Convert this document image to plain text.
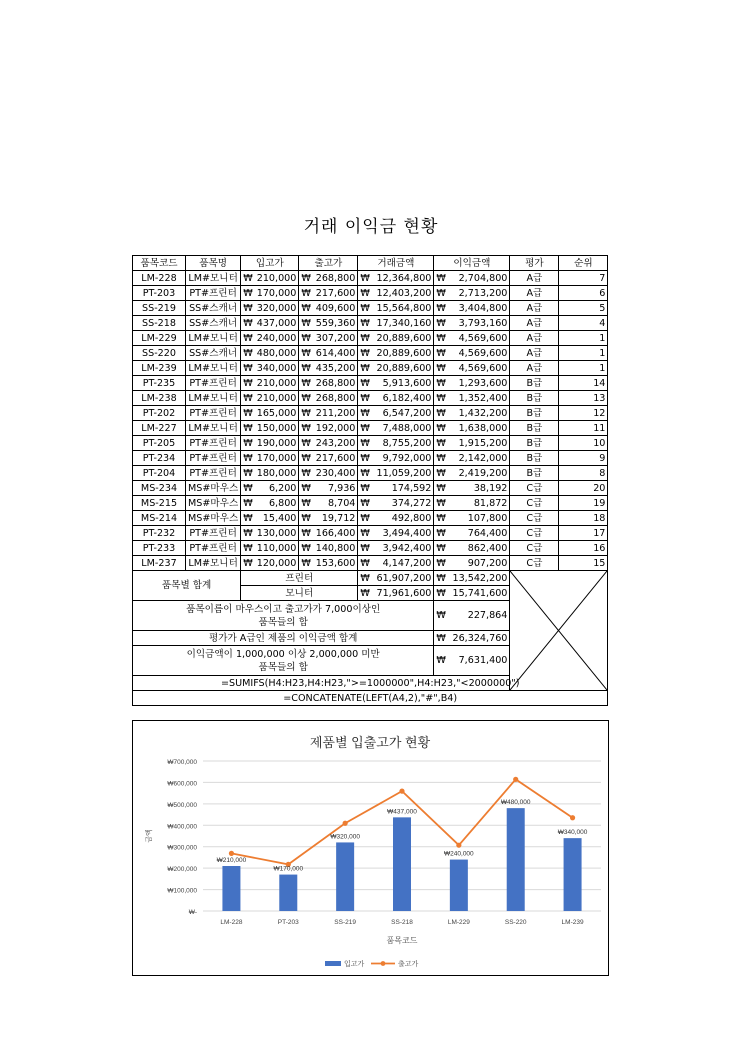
거래 이익금 현황
품목코드	품목명	입고가		출고가		거래금액		이익금액		평가	순위
LM-228	LM#모니터	₩	210,000	₩	268,800	₩	12,364,800	₩	2,704,800	A급	7
PT-203	PT#프린터	₩	170,000	₩	217,600	₩	12,403,200	₩	2,713,200	A급	6
SS-219	SS#스캐너	₩	320,000	₩	409,600	₩	15,564,800	₩	3,404,800	A급	5
SS-218	SS#스캐너	₩	437,000	₩	559,360	₩	17,340,160	₩	3,793,160	A급	4
LM-229	LM#모니터	₩	240,000	₩	307,200	₩	20,889,600	₩	4,569,600	A급	1
SS-220	SS#스캐너	₩	480,000	₩	614,400	₩	20,889,600	₩	4,569,600	A급	1
LM-239	LM#모니터	₩	340,000	₩	435,200	₩	20,889,600	₩	4,569,600	A급	1
PT-235	PT#프린터	₩	210,000	₩	268,800	₩	5,913,600	₩	1,293,600	B급	14
LM-238	LM#모니터	₩	210,000	₩	268,800	₩	6,182,400	₩	1,352,400	B급	13
PT-202	PT#프린터	₩	165,000	₩	211,200	₩	6,547,200	₩	1,432,200	B급	12
LM-227	LM#모니터	₩	150,000	₩	192,000	₩	7,488,000	₩	1,638,000	B급	11
PT-205	PT#프린터	₩	190,000	₩	243,200	₩	8,755,200	₩	1,915,200	B급	10
PT-234	PT#프린터	₩	170,000	₩	217,600	₩	9,792,000	₩	2,142,000	B급	9
PT-204	PT#프린터	₩	180,000	₩	230,400	₩	11,059,200	₩	2,419,200	B급	8
MS-234	MS#마우스	₩	6,200	₩	7,936	₩	174,592	₩	38,192	C급	20
MS-215	MS#마우스	₩	6,800	₩	8,704	₩	374,272	₩	81,872	C급	19
MS-214	MS#마우스	₩	15,400	₩	19,712	₩	492,800	₩	107,800	C급	18
PT-232	PT#프린터	₩	130,000	₩	166,400	₩	3,494,400	₩	764,400	C급	17
PT-233	PT#프린터	₩	110,000	₩	140,800	₩	3,942,400	₩	862,400	C급	16
LM-237	LM#모니터	₩	120,000	₩	153,600	₩	4,147,200	₩	907,200	C급	15
품목별 합계		프린터				₩	61,907,200	₩	13,542,200	

		모니터				₩	71,961,600	₩	15,741,600		

품목이름이 마우스이고 출고가가 7,000이상인
품목들의 합								₩	227,864		
평가가 A급인 제품의 이익금액 합계								₩	26,324,760		

이익금액이 1,000,000 이상 2,000,000 미만
품목들의 합								₩	7,631,400		
=SUMIFS(H4:H23,H4:H23,">=1000000",H4:H23,"<2000000")											
=CONCATENATE(LEFT(A4,2),"#",B4)											
제품별 입출고가 현황
₩-
₩100,000
₩200,000
₩300,000
₩400,000
₩500,000
₩600,000
₩700,000
금액
₩210,000
₩170,000
₩320,000
₩437,000
₩240,000
₩480,000
₩340,000
LM-228	PT-203	SS-219	SS-218	LM-229	SS-220	LM-239
품목코드
입고가	출고가
